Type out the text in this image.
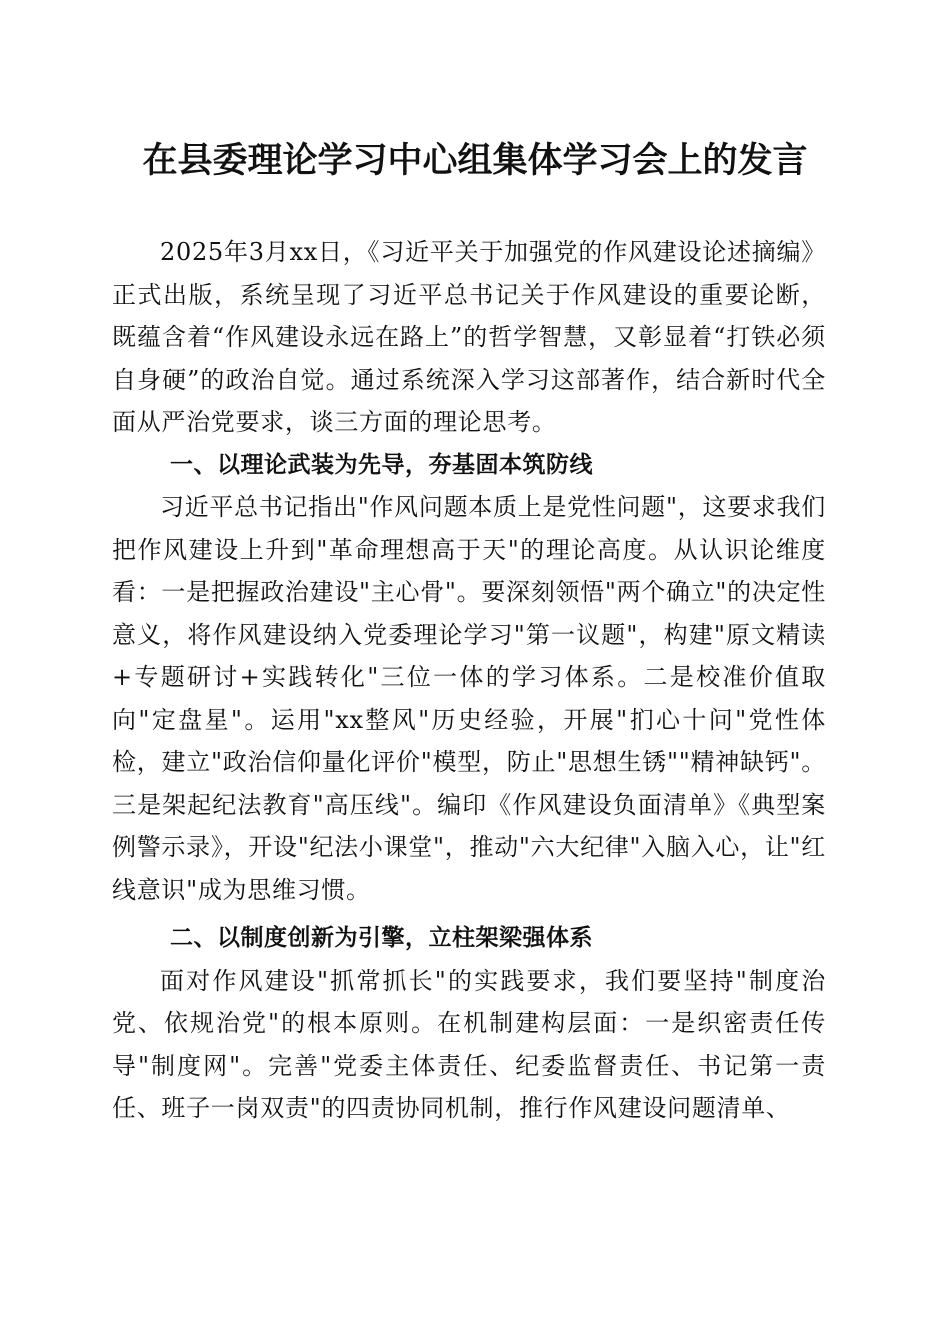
在县委理论学习中心组集体学习会上的发言

2025年3月xx日，《习近平关于加强党的作风建设论述摘编》正式出版，系统呈现了习近平总书记关于作风建设的重要论断，既蕴含着“作风建设永远在路上”的哲学智慧，又彰显着“打铁必须自身硬”的政治自觉。通过系统深入学习这部著作，结合新时代全面从严治党要求，谈三方面的理论思考。

一、以理论武装为先导，夯基固本筑防线

习近平总书记指出"作风问题本质上是党性问题"，这要求我们把作风建设上升到"革命理想高于天"的理论高度。从认识论维度看：一是把握政治建设"主心骨"。要深刻领悟"两个确立"的决定性意义，将作风建设纳入党委理论学习"第一议题"，构建"原文精读+专题研讨+实践转化"三位一体的学习体系。二是校准价值取向"定盘星"。运用"xx整风"历史经验，开展"扪心十问"党性体检，建立"政治信仰量化评价"模型，防止"思想生锈""精神缺钙"。三是架起纪法教育"高压线"。编印《作风建设负面清单》《典型案例警示录》，开设"纪法小课堂"，推动"六大纪律"入脑入心，让"红线意识"成为思维习惯。

二、以制度创新为引擎，立柱架梁强体系

面对作风建设"抓常抓长"的实践要求，我们要坚持"制度治党、依规治党"的根本原则。在机制建构层面：一是织密责任传导"制度网"。完善"党委主体责任、纪委监督责任、书记第一责任、班子一岗双责"的四责协同机制，推行作风建设问题清单、
